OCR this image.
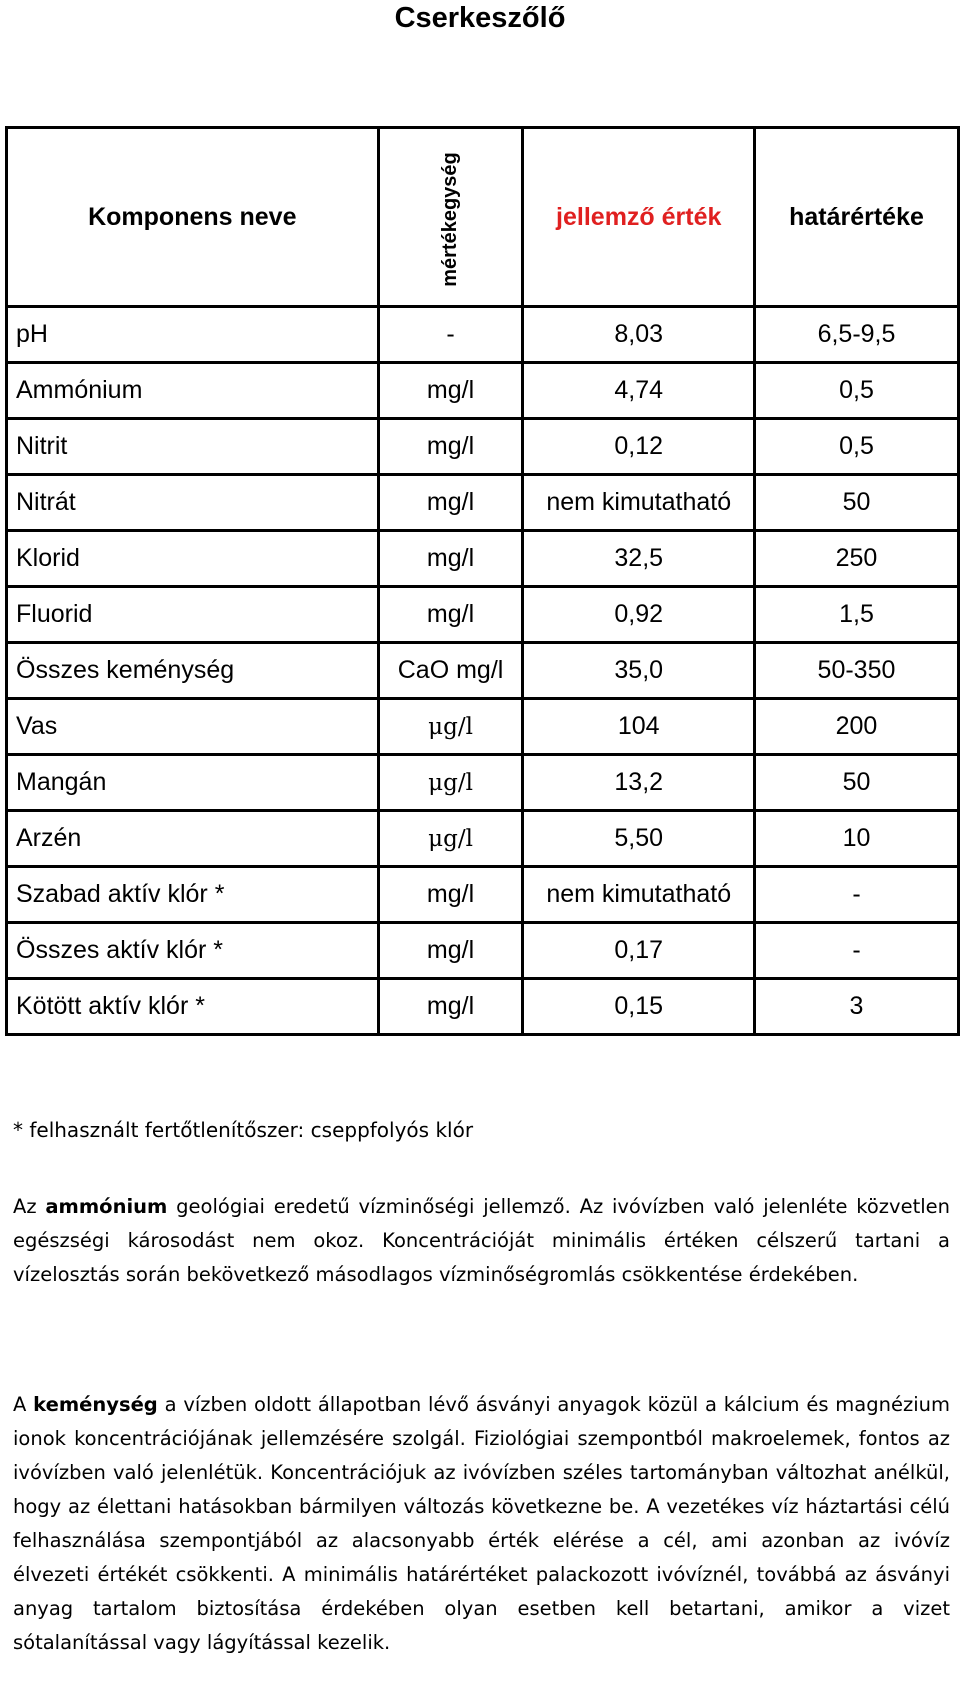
Cserkeszőlő
Komponens neve	mértékegység	jellemző érték	határértéke
pH	-	8,03	6,5-9,5
Ammónium	mg/l	4,74	0,5
Nitrit	mg/l	0,12	0,5
Nitrát	mg/l	nem kimutatható	50
Klorid	mg/l	32,5	250
Fluorid	mg/l	0,92	1,5
Összes keménység	CaO mg/l	35,0	50-350
Vas	μg/l	104	200
Mangán	μg/l	13,2	50
Arzén	μg/l	5,50	10
Szabad aktív klór *	mg/l	nem kimutatható	-
Összes aktív klór *	mg/l	0,17	-
Kötött aktív klór *	mg/l	0,15	3
* felhasznált fertőtlenítőszer: cseppfolyós klór
Az ammónium geológiai eredetű vízminőségi jellemző. Az ivóvízben való jelenléte közvetlen egészségi károsodást nem okoz. Koncentrációját minimális értéken célszerű tartani a vízelosztás során bekövetkező másodlagos vízminőségromlás csökkentése érdekében.
A keménység a vízben oldott állapotban lévő ásványi anyagok közül a kálcium és magnézium ionok koncentrációjának jellemzésére szolgál. Fiziológiai szempontból makroelemek, fontos az ivóvízben való jelenlétük. Koncentrációjuk az ivóvízben széles tartományban változhat anélkül, hogy az élettani hatásokban bármilyen változás következne be. A vezetékes víz háztartási célú felhasználása szempontjából az alacsonyabb érték elérése a cél, ami azonban az ivóvíz élvezeti értékét csökkenti. A minimális határértéket palackozott ivóvíznél, továbbá az ásványi anyag tartalom biztosítása érdekében olyan esetben kell betartani, amikor a vizet sótalanítással vagy lágyítással kezelik.
